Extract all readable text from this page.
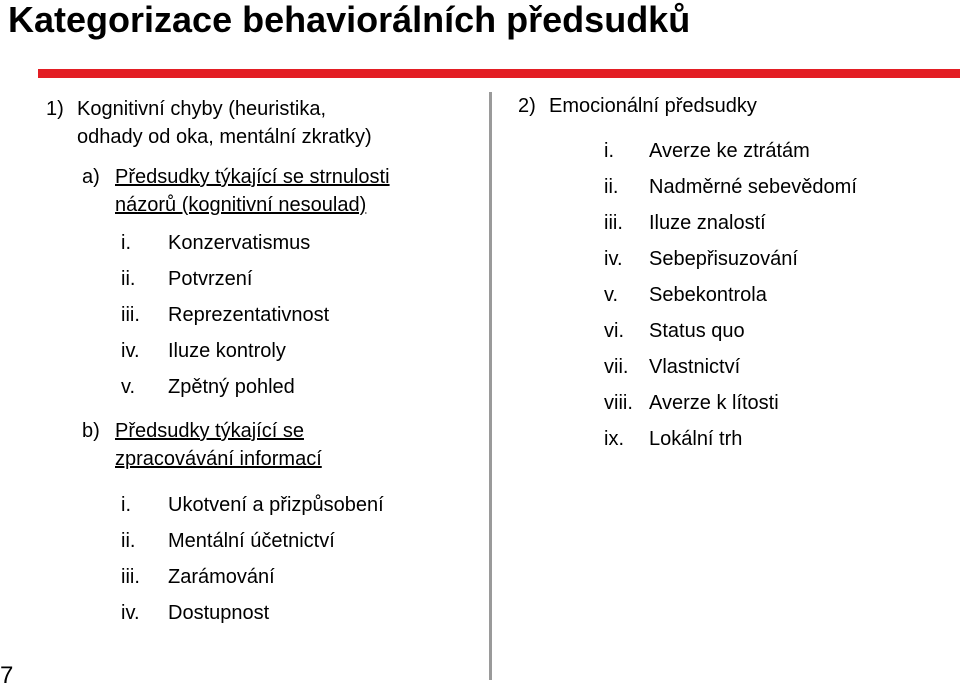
Kategorizace behaviorálních předsudků
1) Kognitivní chyby (heuristika,
odhady od oka, mentální zkratky)
a) Předsudky týkající se strnulosti
názorů (kognitivní nesoulad)
i.	Konzervatismus
ii.	Potvrzení
iii.	Reprezentativnost
iv.	Iluze kontroly
v.	Zpětný pohled
b) Předsudky týkající se
zpracovávání informací
i.	Ukotvení a přizpůsobení
ii.	Mentální účetnictví
iii.	Zarámování
iv.	Dostupnost
2) Emocionální předsudky
i.	Averze ke ztrátám
ii.	Nadměrné sebevědomí
iii.	Iluze znalostí
iv.	Sebepřisuzování
v.	Sebekontrola
vi.	Status quo
vii.	Vlastnictví
viii. Averze k lítosti
ix.	Lokální trh
7
